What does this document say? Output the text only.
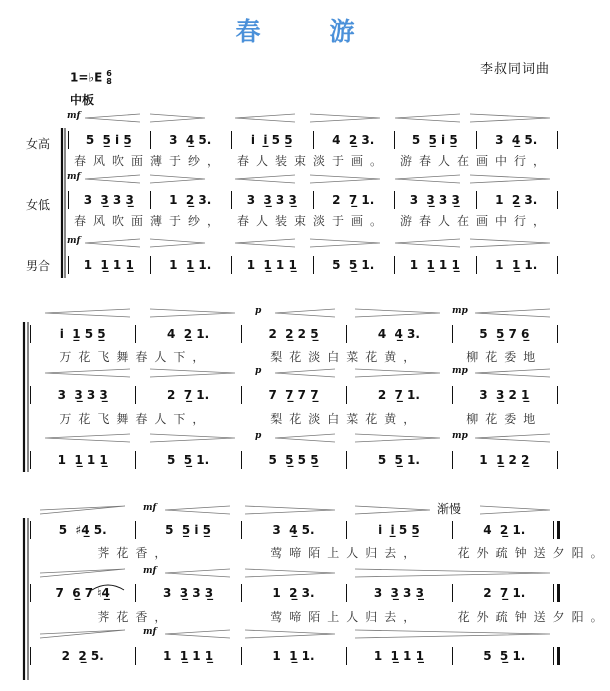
春　游
李叔同词曲
1=♭E 6
8
中板
女高
女低
男合
mf
mf
mf
p	mp
p	mp
p	mp
mf
mf
mf
渐慢
5  5̲ i̇ 5̲	3  4̲ 5.	i̇  i̲̇ 5 5̲	4  2̲ 3.	5  5̲ i̇ 5̲	3  4̲ 5.
3  3̲ 3 3̲	1  2̲ 3.	3  3̲ 3 3̲	2  7̲ 1.	3  3̲ 3 3̲	1  2̲ 3.
1  1̲ 1 1̲	1  1̲ 1.	1  1̲ 1 1̲	5  5̲ 1.	1  1̲ 1 1̲	1  1̲ 1.
春风吹面薄于纱， 春人装束淡于画。 游春人在画中行，
春风吹面薄于纱， 春人装束淡于画。 游春人在画中行，
i̇  1̲ 5 5̲	4  2̲ 1.	2  2̲ 2 5̲	4  4̲ 3.	5  5̲ 7 6̲
3  3̲ 3 3̲	2  7̲ 1.	7  7̲ 7 7̲	2  7̲ 1.	3  3̲ 2 1̲
1  1̲ 1 1̲	5  5̲ 1.	5  5̲ 5 5̲	5  5̲ 1.	1  1̲ 2 2̲
万花飞舞春人下，	梨花淡白菜花黄，	柳花委地
万花飞舞春人下，	梨花淡白菜花黄，	柳花委地
5  ♯4̲ 5.	5  5̲ i̇ 5̲	3  4̲ 5.	i̇  i̲̇ 5 5̲	4  2̲ 1.
7  6̲ 7 ♮4̲	3  3̲ 3 3̲	1  2̲ 3.	3  3̲ 3 3̲	2  7̲ 1.
2  2̲ 5.	1  1̲ 1 1̲	1  1̲ 1.	1  1̲ 1 1̲	5  5̲ 1.
荠花香，	莺啼陌上人归去，	花外疏钟送夕阳。
荠花香，	莺啼陌上人归去，	花外疏钟送夕阳。
